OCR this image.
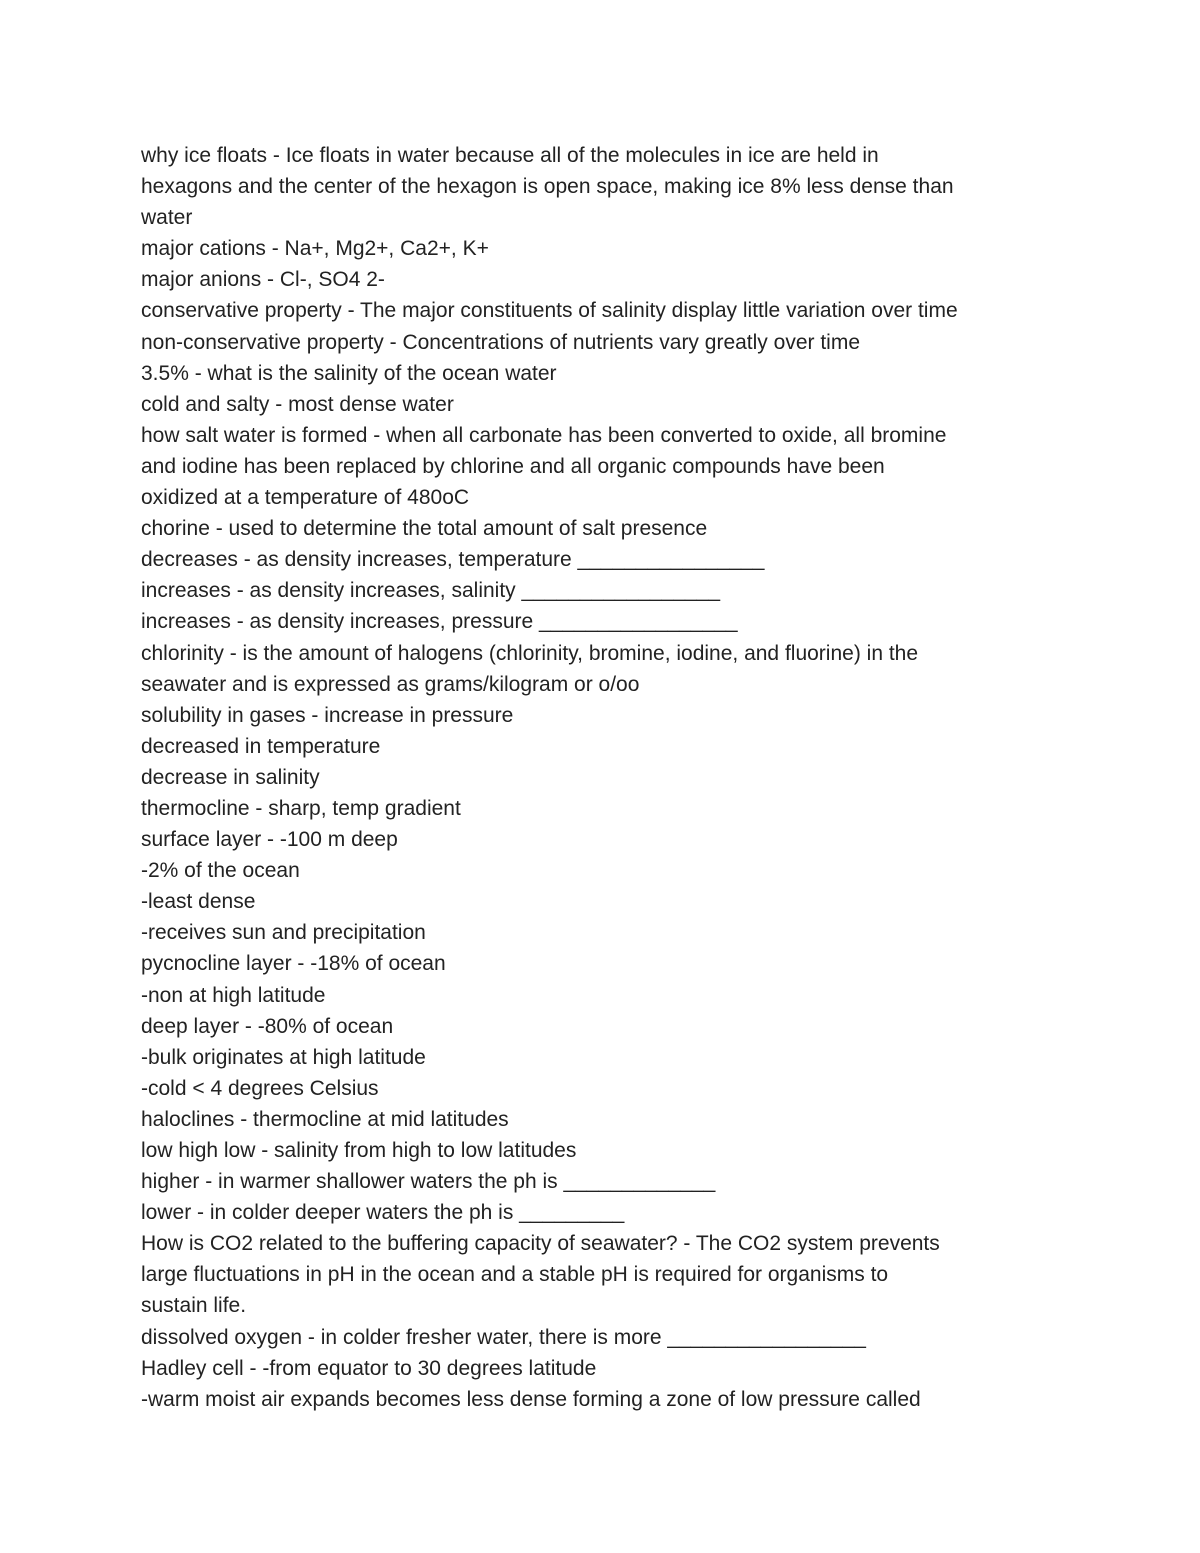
why ice floats - Ice floats in water because all of the molecules in ice are held in

hexagons and the center of the hexagon is open space, making ice 8% less dense than

water

major cations - Na+, Mg2+, Ca2+, K+

major anions - Cl-, SO4 2-

conservative property - The major constituents of salinity display little variation over time

non-conservative property - Concentrations of nutrients vary greatly over time

3.5% - what is the salinity of the ocean water

cold and salty - most dense water

how salt water is formed - when all carbonate has been converted to oxide, all bromine

and iodine has been replaced by chlorine and all organic compounds have been

oxidized at a temperature of 480oC

chorine - used to determine the total amount of salt presence

decreases - as density increases, temperature ________________

increases - as density increases, salinity _________________

increases - as density increases, pressure _________________

chlorinity - is the amount of halogens (chlorinity, bromine, iodine, and fluorine) in the

seawater and is expressed as grams/kilogram or o/oo

solubility in gases - increase in pressure

decreased in temperature

decrease in salinity

thermocline - sharp, temp gradient

surface layer - -100 m deep

-2% of the ocean

-least dense

-receives sun and precipitation

pycnocline layer - -18% of ocean

-non at high latitude

deep layer - -80% of ocean

-bulk originates at high latitude

-cold < 4 degrees Celsius

haloclines - thermocline at mid latitudes

low high low - salinity from high to low latitudes

higher - in warmer shallower waters the ph is _____________

lower - in colder deeper waters the ph is _________

How is CO2 related to the buffering capacity of seawater? - The CO2 system prevents

large fluctuations in pH in the ocean and a stable pH is required for organisms to

sustain life.

dissolved oxygen - in colder fresher water, there is more _________________

Hadley cell - -from equator to 30 degrees latitude

-warm moist air expands becomes less dense forming a zone of low pressure called
